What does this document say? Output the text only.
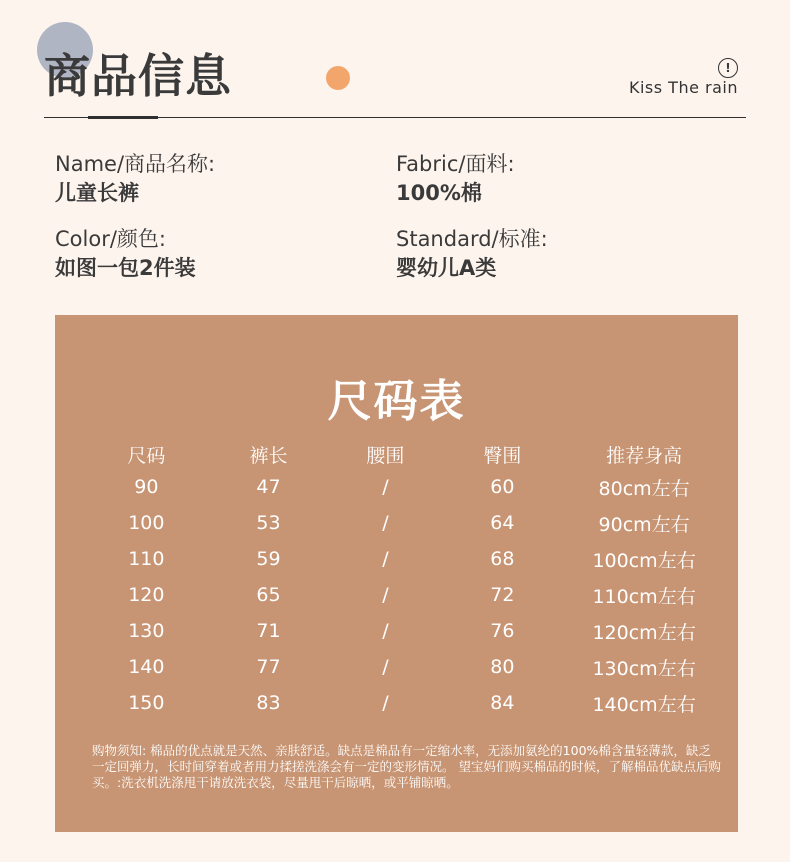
商品信息	!
Kiss The rain
Name/商品名称:
儿童长裤
Fabric/面料:
100%棉
Color/颜色:
如图一包2件装
Standard/标准:
婴幼儿A类
尺码表
尺码	裤长	腰围	臀围	推荐身高
90	47	/	60	80cm左右
100	53	/	64	90cm左右
110	59	/	68	100cm左右
120	65	/	72	110cm左右
130	71	/	76	120cm左右
140	77	/	80	130cm左右
150	83	/	84	140cm左右
购物须知: 棉品的优点就是天然、亲肤舒适。缺点是棉品有一定缩水率，无添加氨纶的100%棉含量轻薄款，缺乏一定回弹力，长时间穿着或者用力揉搓洗涤会有一定的变形情况。 望宝妈们购买棉品的时候，了解棉品优缺点后购买。:洗衣机洗涤甩干请放洗衣袋，尽量甩干后晾晒，或平铺晾晒。
